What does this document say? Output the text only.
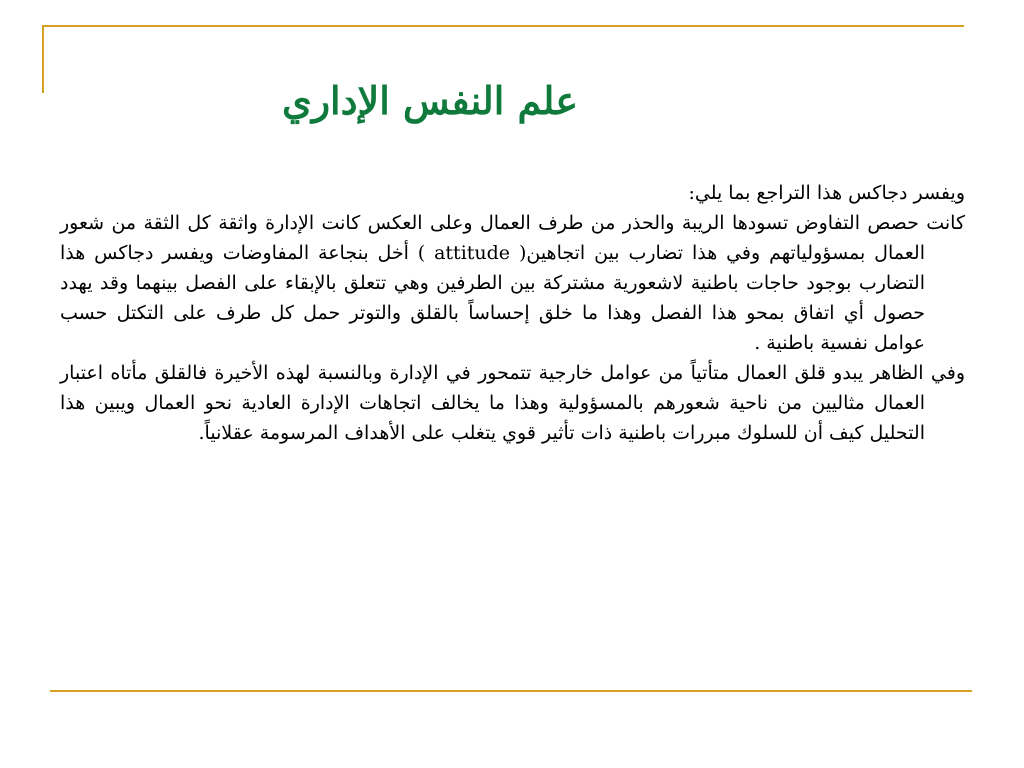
علم النفس الإداري

ويفسر دجاكس هذا التراجع بما يلي:

كانت حصص التفاوض تسودها الريبة والحذر من طرف العمال وعلى العكس كانت الإدارة واثقة كل الثقة من شعور العمال بمسؤولياتهم وفي هذا تضارب بين اتجاهين( attitude ) أخل بنجاعة المفاوضات ويفسر دجاكس هذا التضارب بوجود حاجات باطنية لاشعورية مشتركة بين الطرفين وهي تتعلق بالإبقاء على الفصل بينهما وقد يهدد حصول أي اتفاق بمحو هذا الفصل وهذا ما خلق إحساساً بالقلق والتوتر حمل كل طرف على التكتل حسب عوامل نفسية باطنية .

وفي الظاهر يبدو قلق العمال متأتياً من عوامل خارجية تتمحور في الإدارة وبالنسبة لهذه الأخيرة فالقلق مأتاه اعتبار العمال مثاليين من ناحية شعورهم بالمسؤولية وهذا ما يخالف اتجاهات الإدارة العادية نحو العمال ويبين هذا التحليل كيف أن للسلوك مبررات باطنية ذات تأثير قوي يتغلب على الأهداف المرسومة عقلانياً.
